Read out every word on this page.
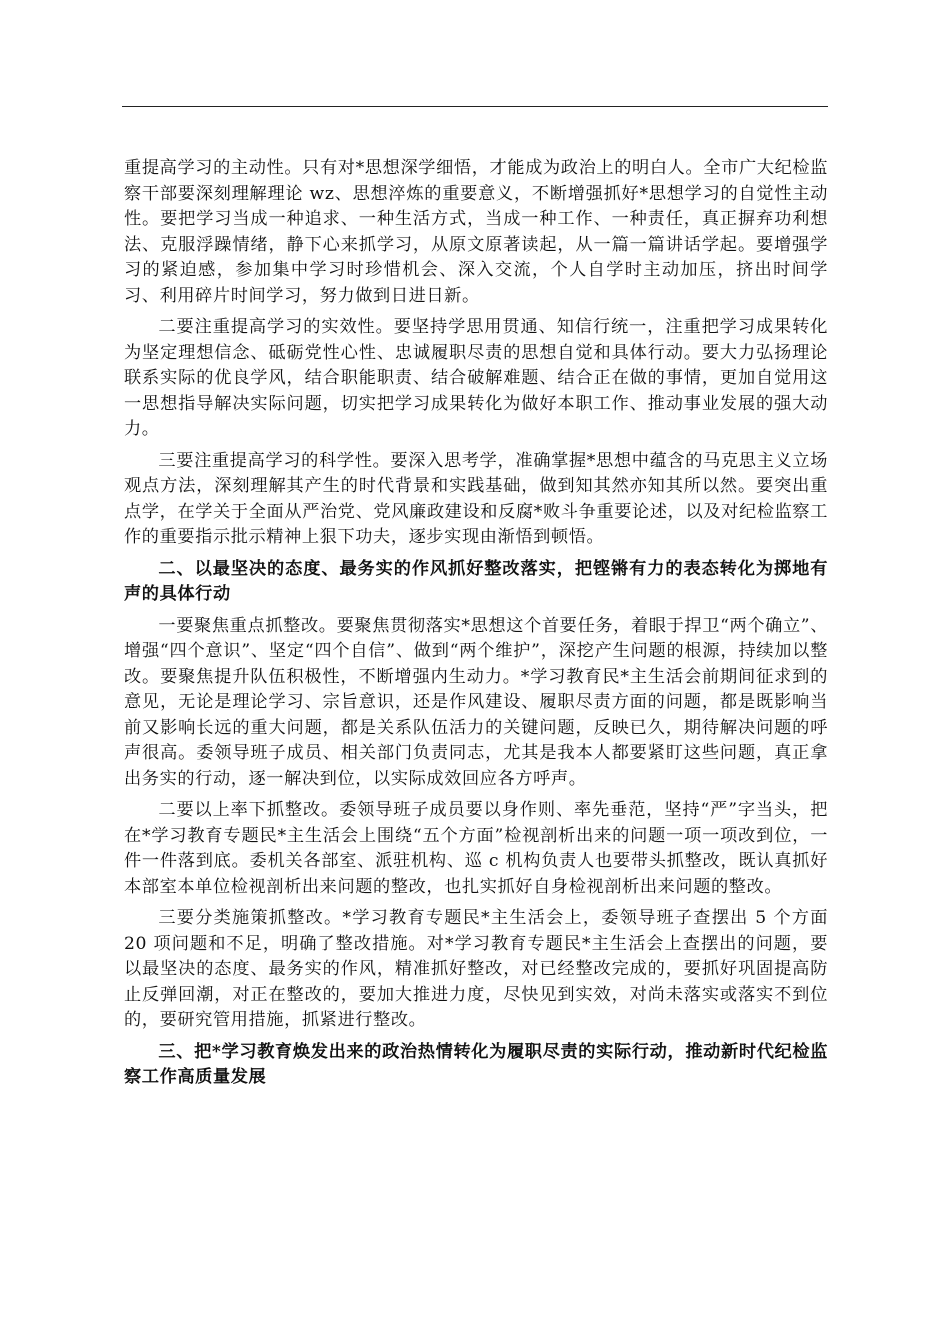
重提高学习的主动性。只有对*思想深学细悟，才能成为政治上的明白人。全市广大纪检监察干部要深刻理解理论 wz、思想淬炼的重要意义，不断增强抓好*思想学习的自觉性主动性。要把学习当成一种追求、一种生活方式，当成一种工作、一种责任，真正摒弃功利想法、克服浮躁情绪，静下心来抓学习，从原文原著读起，从一篇一篇讲话学起。要增强学习的紧迫感，参加集中学习时珍惜机会、深入交流，个人自学时主动加压，挤出时间学习、利用碎片时间学习，努力做到日进日新。

二要注重提高学习的实效性。要坚持学思用贯通、知信行统一，注重把学习成果转化为坚定理想信念、砥砺党性心性、忠诚履职尽责的思想自觉和具体行动。要大力弘扬理论联系实际的优良学风，结合职能职责、结合破解难题、结合正在做的事情，更加自觉用这一思想指导解决实际问题，切实把学习成果转化为做好本职工作、推动事业发展的强大动力。

三要注重提高学习的科学性。要深入思考学，准确掌握*思想中蕴含的马克思主义立场观点方法，深刻理解其产生的时代背景和实践基础，做到知其然亦知其所以然。要突出重点学，在学关于全面从严治党、党风廉政建设和反腐*败斗争重要论述，以及对纪检监察工作的重要指示批示精神上狠下功夫，逐步实现由渐悟到顿悟。

二、以最坚决的态度、最务实的作风抓好整改落实，把铿锵有力的表态转化为掷地有声的具体行动

一要聚焦重点抓整改。要聚焦贯彻落实*思想这个首要任务，着眼于捍卫“两个确立”、增强“四个意识”、坚定“四个自信”、做到“两个维护”，深挖产生问题的根源，持续加以整改。要聚焦提升队伍积极性，不断增强内生动力。*学习教育民*主生活会前期间征求到的意见，无论是理论学习、宗旨意识，还是作风建设、履职尽责方面的问题，都是既影响当前又影响长远的重大问题，都是关系队伍活力的关键问题，反映已久，期待解决问题的呼声很高。委领导班子成员、相关部门负责同志，尤其是我本人都要紧盯这些问题，真正拿出务实的行动，逐一解决到位，以实际成效回应各方呼声。

二要以上率下抓整改。委领导班子成员要以身作则、率先垂范，坚持“严”字当头，把在*学习教育专题民*主生活会上围绕“五个方面”检视剖析出来的问题一项一项改到位，一件一件落到底。委机关各部室、派驻机构、巡 c 机构负责人也要带头抓整改，既认真抓好本部室本单位检视剖析出来问题的整改，也扎实抓好自身检视剖析出来问题的整改。

三要分类施策抓整改。*学习教育专题民*主生活会上，委领导班子查摆出 5 个方面 20 项问题和不足，明确了整改措施。对*学习教育专题民*主生活会上查摆出的问题，要以最坚决的态度、最务实的作风，精准抓好整改，对已经整改完成的，要抓好巩固提高防止反弹回潮，对正在整改的，要加大推进力度，尽快见到实效，对尚未落实或落实不到位的，要研究管用措施，抓紧进行整改。

三、把*学习教育焕发出来的政治热情转化为履职尽责的实际行动，推动新时代纪检监察工作高质量发展
